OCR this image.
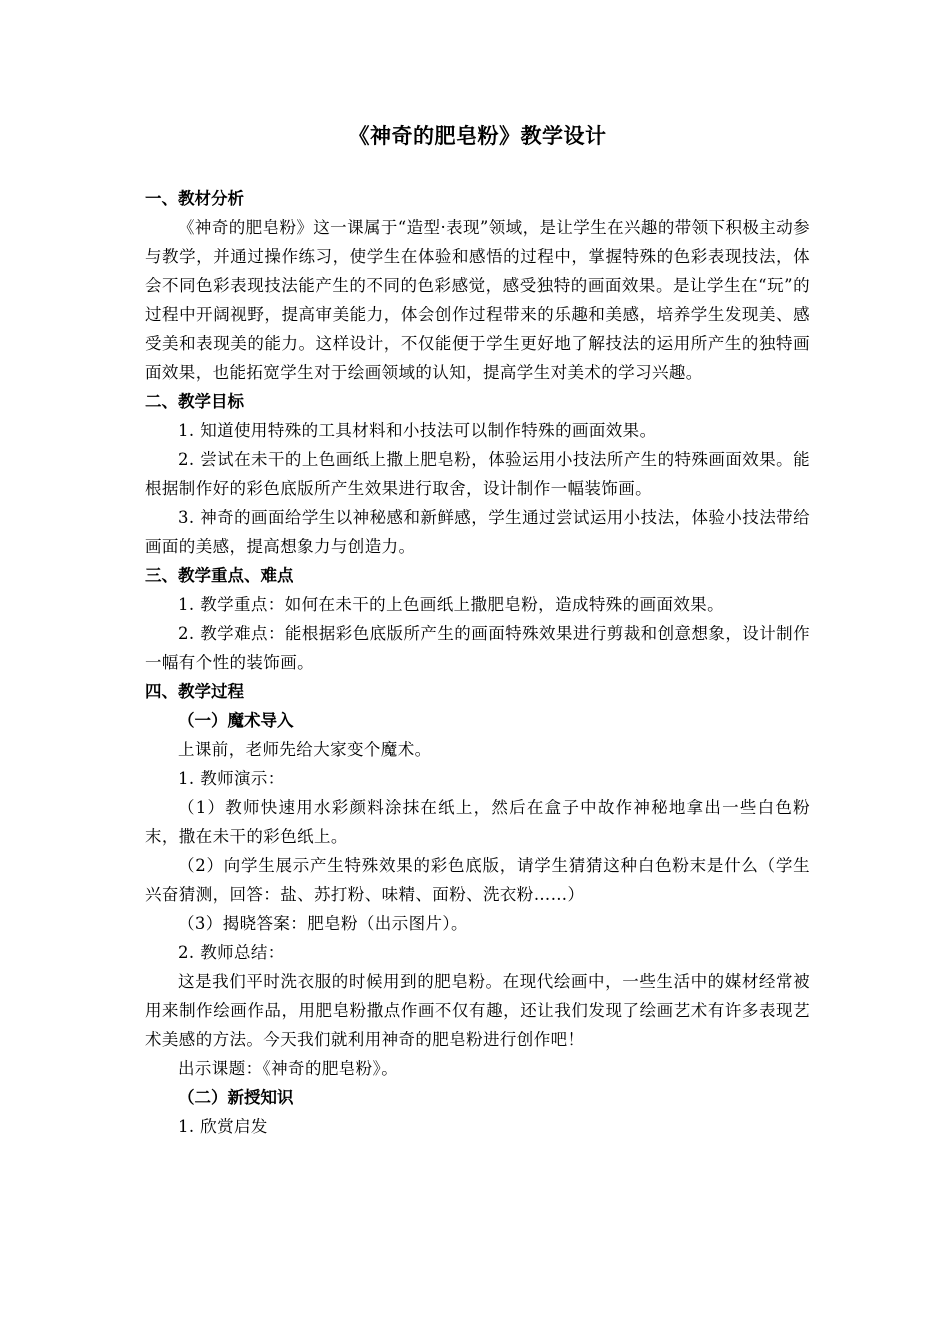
《神奇的肥皂粉》教学设计
一、教材分析
《神奇的肥皂粉》这一课属于“造型·表现”领域，是让学生在兴趣的带领下积极主动参与教学，并通过操作练习，使学生在体验和感悟的过程中，掌握特殊的色彩表现技法，体会不同色彩表现技法能产生的不同的色彩感觉，感受独特的画面效果。是让学生在“玩”的过程中开阔视野，提高审美能力，体会创作过程带来的乐趣和美感，培养学生发现美、感受美和表现美的能力。这样设计，不仅能便于学生更好地了解技法的运用所产生的独特画面效果，也能拓宽学生对于绘画领域的认知，提高学生对美术的学习兴趣。
二、教学目标
1. 知道使用特殊的工具材料和小技法可以制作特殊的画面效果。
2. 尝试在未干的上色画纸上撒上肥皂粉，体验运用小技法所产生的特殊画面效果。能根据制作好的彩色底版所产生效果进行取舍，设计制作一幅装饰画。
3. 神奇的画面给学生以神秘感和新鲜感，学生通过尝试运用小技法，体验小技法带给画面的美感，提高想象力与创造力。
三、教学重点、难点
1. 教学重点：如何在未干的上色画纸上撒肥皂粉，造成特殊的画面效果。
2. 教学难点：能根据彩色底版所产生的画面特殊效果进行剪裁和创意想象，设计制作一幅有个性的装饰画。
四、教学过程
（一）魔术导入
上课前，老师先给大家变个魔术。
1. 教师演示：
（1）教师快速用水彩颜料涂抹在纸上，然后在盒子中故作神秘地拿出一些白色粉末，撒在未干的彩色纸上。
（2）向学生展示产生特殊效果的彩色底版，请学生猜猜这种白色粉末是什么（学生兴奋猜测，回答：盐、苏打粉、味精、面粉、洗衣粉……）
（3）揭晓答案：肥皂粉（出示图片）。
2. 教师总结：
这是我们平时洗衣服的时候用到的肥皂粉。在现代绘画中，一些生活中的媒材经常被用来制作绘画作品，用肥皂粉撒点作画不仅有趣，还让我们发现了绘画艺术有许多表现艺术美感的方法。今天我们就利用神奇的肥皂粉进行创作吧！
出示课题：《神奇的肥皂粉》。
（二）新授知识
1. 欣赏启发
